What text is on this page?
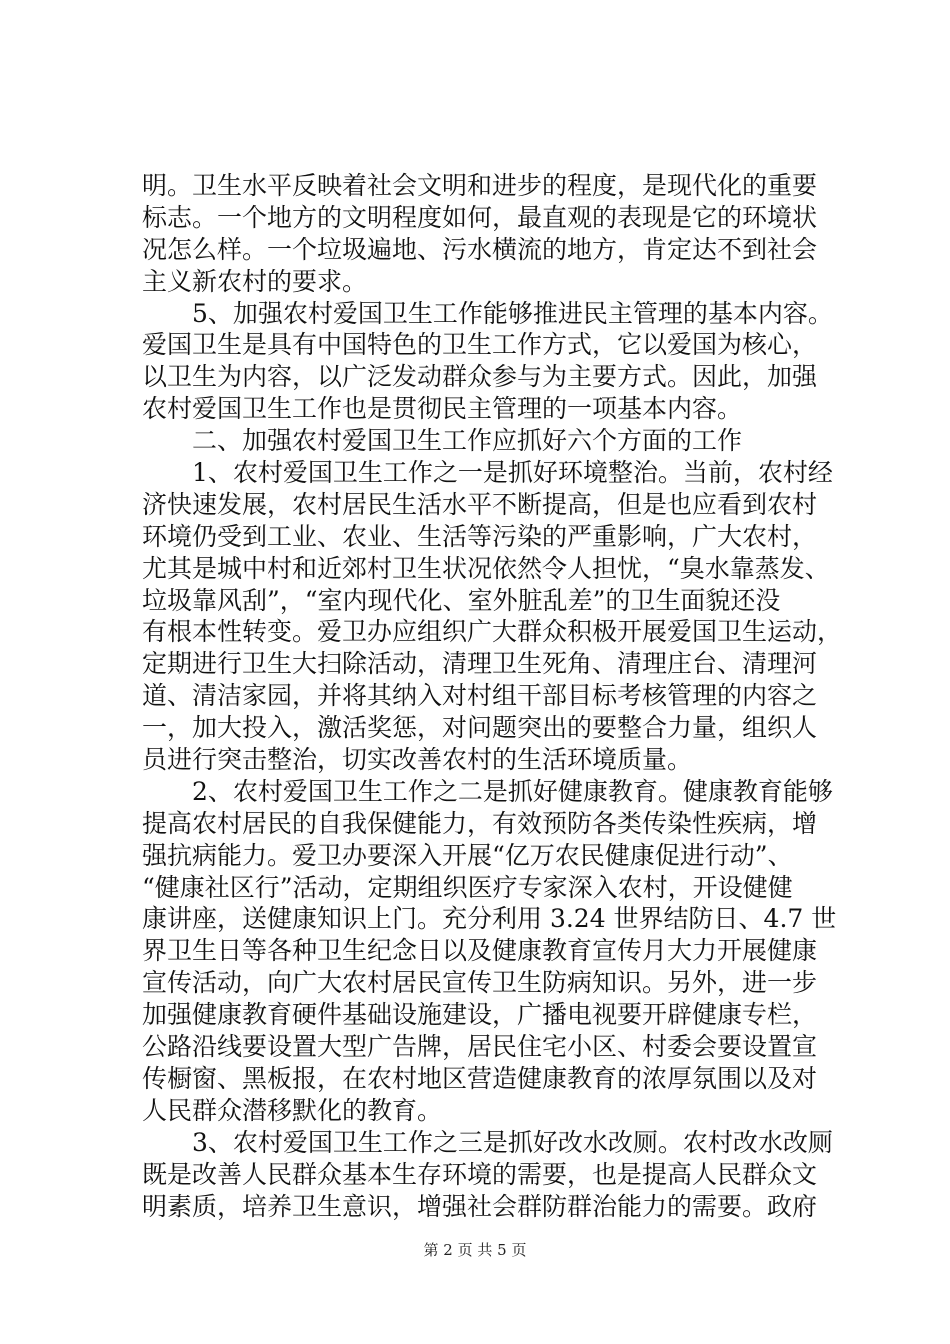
明。卫生水平反映着社会文明和进步的程度，是现代化的重要
标志。一个地方的文明程度如何，最直观的表现是它的环境状
况怎么样。一个垃圾遍地、污水横流的地方，肯定达不到社会
主义新农村的要求。
　　5、加强农村爱国卫生工作能够推进民主管理的基本内容。
爱国卫生是具有中国特色的卫生工作方式，它以爱国为核心，
以卫生为内容，以广泛发动群众参与为主要方式。因此，加强
农村爱国卫生工作也是贯彻民主管理的一项基本内容。
　　二、加强农村爱国卫生工作应抓好六个方面的工作
　　1、农村爱国卫生工作之一是抓好环境整治。当前，农村经
济快速发展，农村居民生活水平不断提高，但是也应看到农村
环境仍受到工业、农业、生活等污染的严重影响，广大农村，
尤其是城中村和近郊村卫生状况依然令人担忧，“臭水靠蒸发、
垃圾靠风刮”，“室内现代化、室外脏乱差”的卫生面貌还没
有根本性转变。爱卫办应组织广大群众积极开展爱国卫生运动，
定期进行卫生大扫除活动，清理卫生死角、清理庄台、清理河
道、清洁家园，并将其纳入对村组干部目标考核管理的内容之
一，加大投入，激活奖惩，对问题突出的要整合力量，组织人
员进行突击整治，切实改善农村的生活环境质量。
　　2、农村爱国卫生工作之二是抓好健康教育。健康教育能够
提高农村居民的自我保健能力，有效预防各类传染性疾病，增
强抗病能力。爱卫办要深入开展“亿万农民健康促进行动”、
“健康社区行”活动，定期组织医疗专家深入农村，开设健健
康讲座，送健康知识上门。充分利用 3.24 世界结防日、4.7 世
界卫生日等各种卫生纪念日以及健康教育宣传月大力开展健康
宣传活动，向广大农村居民宣传卫生防病知识。另外，进一步
加强健康教育硬件基础设施建设，广播电视要开辟健康专栏，
公路沿线要设置大型广告牌，居民住宅小区、村委会要设置宣
传橱窗、黑板报，在农村地区营造健康教育的浓厚氛围以及对
人民群众潜移默化的教育。
　　3、农村爱国卫生工作之三是抓好改水改厕。农村改水改厕
既是改善人民群众基本生存环境的需要，也是提高人民群众文
明素质，培养卫生意识，增强社会群防群治能力的需要。政府
第 2 页 共 5 页
